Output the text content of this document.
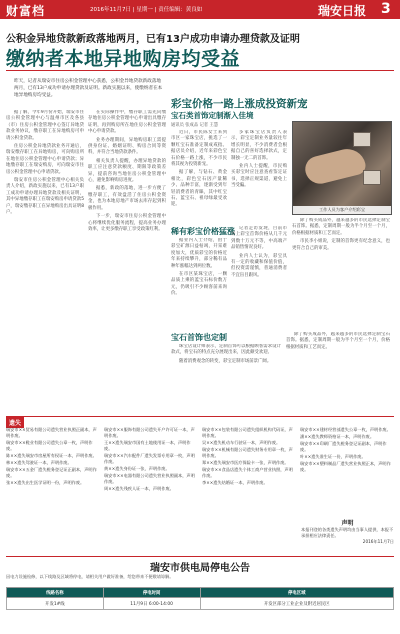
财富档	2016年11月7日 | 星期一 | 责任编辑：黄良如	瑞安日报 3
公积金异地贷款新政落地两月，已有13户成功申请办理贷款及证明
缴纳者本地异地购房均受益
昨天，记者从瑞安市住房公积金管理中心获悉，公积金异地贷款新政落地两月，已有13户成功申请办理贷款及证明。新政实施以来，使缴纳者在本地异地购房均受益。
据了解，今年9月份开始，瑞安市住房公积金管理中心与温州市区及各县（市）住房公积金管理中心签订异地贷款业务协议，缴存职工在异地购房可申请公积金贷款。
住房公积金异地贷款业务开通后，瑞安缴存职工在异地购房，可向购房所在地住房公积金管理中心申请贷款；异地缴存职工在瑞安购房，可向瑞安市住房公积金管理中心申请贷款。
瑞安市住房公积金管理中心相关负责人介绍，新政实施以来，已有13户职工成功申请办理异地贷款及相关证明，其中异地缴存职工在瑞安购房申请贷款5户，瑞安缴存职工在异地购房出具证明8户。
在实际操作中，缴存职工需先向缴存地住房公积金管理中心申请出具缴存证明，再到购房所在地住房公积金管理中心申请贷款。
业务办理期间，异地购房职工需提供身份证、婚姻证明、购房合同等资料，并符合当地贷款条件。
相关负责人提醒，办理异地贷款的职工应注意贷款额度、期限等政策差异，提前咨询当地住房公积金管理中心，避免影响购房进度。
据悉，新政的落地，进一步方便了缴存职工，有效盘活了住房公积金资金，也为本地房地产市场去库存起到积极作用。
下一步，瑞安市住房公积金管理中心将继续优化服务流程，提高业务办理效率，让更多缴存职工享受政策红利。
彩宝价格一路上涨成投资新宠
宝石类首饰定制渐入佳境
通讯员 张成品 记者 王慧
近日，市民陈女士来到市区一家珠宝店，挑选了一颗红宝石准备定制成戒指。据店员介绍，近年来彩色宝石价格一路上涨，不少市民将其视为投资新宠。
据了解，与钻石、黄金相比，彩色宝石因产量稀少、品种丰富，逐渐受到年轻消费者的青睐，其中红宝石、蓝宝石、祖母绿最受欢迎。
多家珠宝店负责人表示，彩宝定制业务量较往年增长明显，不少消费者会根据自己的喜好选择款式，定制独一无二的首饰。
业内人士提醒，市民购买彩宝时应注意查看鉴定证书，选择正规渠道，避免上当受骗。
工作人员为客户介绍彩宝
稀有彩宝价格猛涨
据业内人士介绍，由于彩宝矿源日益枯竭，开采难度加大，优质彩宝的价格近年来持续攀升，部分稀有品种年涨幅达到两位数。
在市区某珠宝店，一颗品质上乘的蓝宝石标价数万元，仍吸引不少顾客前来询价。
记者走访发现，目前市场上彩宝首饰价格从几千元到数十万元不等，中高端产品销售情况良好。
业内人士认为，彩宝具有一定的收藏和保值价值，但投资需谨慎，普通消费者不宜盲目跟风。
除了购买成品外，越来越多的市民选择定制宝石首饰。据悉，定制周期一般为半个月至一个月，价格根据材质和工艺而定。
市民李小姐说，定制的首饰更有纪念意义，也更符合自己的审美。
宝石首饰也定制
珠宝店设计师表示，定制首饰可以根据顾客需求设计款式，将宝石的特点充分展现出来，因此颇受欢迎。
随着消费观念的转变，彩宝定制市场前景广阔。
除了购买成品外，越来越多的市民选择定制宝石首饰。据悉，定制周期一般为半个月至一个月，价格根据材质和工艺而定。
遗失
瑞安市××贸易有限公司遗失营业执照正副本，声明作废。
瑞安市××鞋业有限公司遗失公章一枚，声明作废。
陈××遗失瑞安市房屋所有权证一本，声明作废。
林××遗失驾驶证一本，声明作废。
瑞安市××五金厂遗失税务登记证正副本，声明作废。
张××遗失出生医学证明一份，声明作废。
瑞安市××服饰有限公司遗失开户许可证一本，声明作废。
王××遗失瑞安市国有土地使用证一本，声明作废。
瑞安市××汽车配件厂遗失发票专用章一枚，声明作废。
黄××遗失身份证一张，声明作废。
瑞安市××电器有限公司遗失营业执照副本，声明作废。
周××遗失残疾人证一本，声明作废。
瑞安市××包装有限公司遗失组织机构代码证，声明作废。
吴××遗失机动车行驶证一本，声明作废。
瑞安市××机械有限公司遗失财务专用章一枚，声明作废。
郑××遗失瑞安市医疗保险卡一张，声明作废。
瑞安市××食品店遗失个体工商户营业执照，声明作废。
李××遗失结婚证一本，声明作废。
瑞安市××建材经营部遗失公章一枚，声明作废。
潘××遗失教师资格证一本，声明作废。
瑞安市××印刷厂遗失税务登记证副本，声明作废。
叶××遗失准生证一份，声明作废。
瑞安市××塑料制品厂遗失营业执照正本，声明作废。
声明
本报刊登的各类遗失声明均由当事人提供，本报不承担相应法律责任。
2016年11月7日
瑞安市供电局停电公告
因电力设施检修，以下线路及区域将停电，请相关用户做好准备，给您带来不便敬请谅解。
线路名称	停电时间	停电区域
开发1#线	11月9日 6:00-14:00	开发区部分工业企业及附近居民区
